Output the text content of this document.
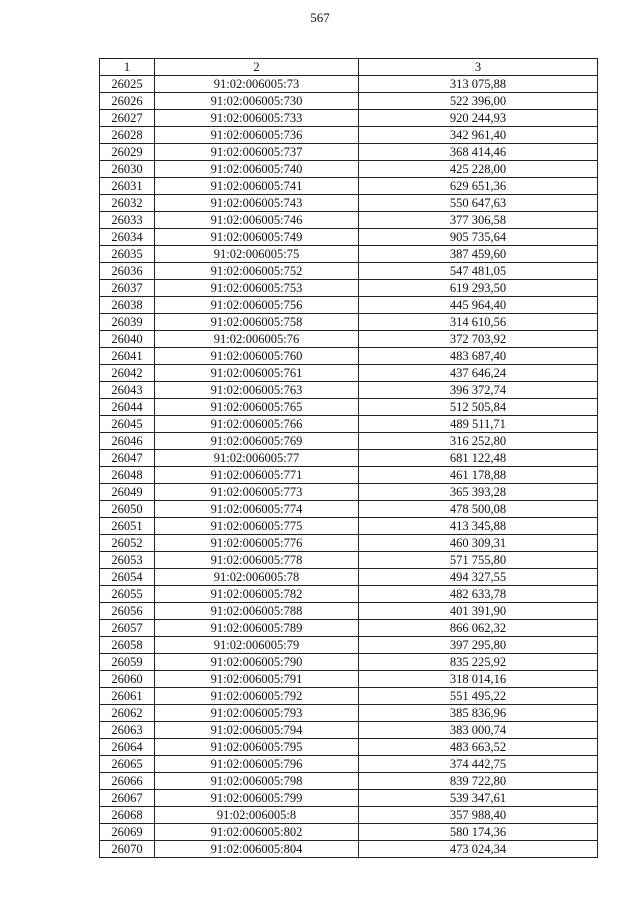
567
1	2	3
26025	91:02:006005:73	313 075,88
26026	91:02:006005:730	522 396,00
26027	91:02:006005:733	920 244,93
26028	91:02:006005:736	342 961,40
26029	91:02:006005:737	368 414,46
26030	91:02:006005:740	425 228,00
26031	91:02:006005:741	629 651,36
26032	91:02:006005:743	550 647,63
26033	91:02:006005:746	377 306,58
26034	91:02:006005:749	905 735,64
26035	91:02:006005:75	387 459,60
26036	91:02:006005:752	547 481,05
26037	91:02:006005:753	619 293,50
26038	91:02:006005:756	445 964,40
26039	91:02:006005:758	314 610,56
26040	91:02:006005:76	372 703,92
26041	91:02:006005:760	483 687,40
26042	91:02:006005:761	437 646,24
26043	91:02:006005:763	396 372,74
26044	91:02:006005:765	512 505,84
26045	91:02:006005:766	489 511,71
26046	91:02:006005:769	316 252,80
26047	91:02:006005:77	681 122,48
26048	91:02:006005:771	461 178,88
26049	91:02:006005:773	365 393,28
26050	91:02:006005:774	478 500,08
26051	91:02:006005:775	413 345,88
26052	91:02:006005:776	460 309,31
26053	91:02:006005:778	571 755,80
26054	91:02:006005:78	494 327,55
26055	91:02:006005:782	482 633,78
26056	91:02:006005:788	401 391,90
26057	91:02:006005:789	866 062,32
26058	91:02:006005:79	397 295,80
26059	91:02:006005:790	835 225,92
26060	91:02:006005:791	318 014,16
26061	91:02:006005:792	551 495,22
26062	91:02:006005:793	385 836,96
26063	91:02:006005:794	383 000,74
26064	91:02:006005:795	483 663,52
26065	91:02:006005:796	374 442,75
26066	91:02:006005:798	839 722,80
26067	91:02:006005:799	539 347,61
26068	91:02:006005:8	357 988,40
26069	91:02:006005:802	580 174,36
26070	91:02:006005:804	473 024,34
